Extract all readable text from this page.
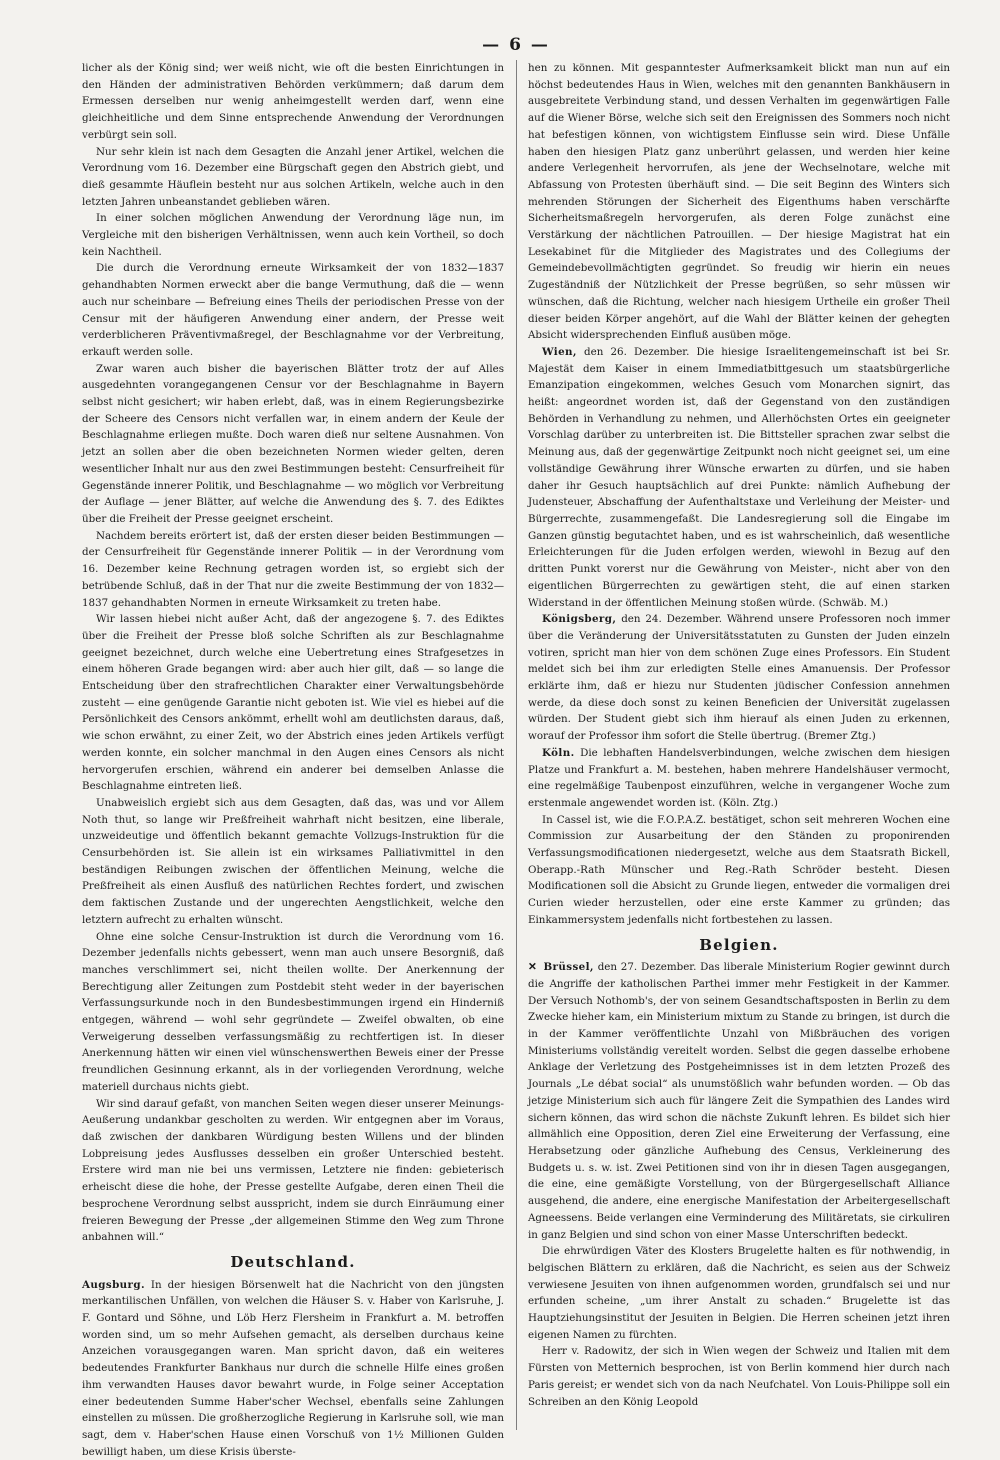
— 6 —

licher als der König sind; wer weiß nicht, wie oft die besten Einrichtungen in den Händen der administrativen Behörden verkümmern; daß darum dem Ermessen derselben nur wenig anheimgestellt werden darf, wenn eine gleichheitliche und dem Sinne entsprechende Anwendung der Verordnungen verbürgt sein soll.

Nur sehr klein ist nach dem Gesagten die Anzahl jener Artikel, welchen die Verordnung vom 16. Dezember eine Bürgschaft gegen den Abstrich giebt, und dieß gesammte Häuflein besteht nur aus solchen Artikeln, welche auch in den letzten Jahren unbeanstandet geblieben wären.

In einer solchen möglichen Anwendung der Verordnung läge nun, im Vergleiche mit den bisherigen Verhältnissen, wenn auch kein Vortheil, so doch kein Nachtheil.

Die durch die Verordnung erneute Wirksamkeit der von 1832—1837 gehandhabten Normen erweckt aber die bange Vermuthung, daß die — wenn auch nur scheinbare — Befreiung eines Theils der periodischen Presse von der Censur mit der häufigeren Anwendung einer andern, der Presse weit verderblicheren Präventivmaßregel, der Beschlagnahme vor der Verbreitung, erkauft werden solle.

Zwar waren auch bisher die bayerischen Blätter trotz der auf Alles ausgedehnten vorangegangenen Censur vor der Beschlagnahme in Bayern selbst nicht gesichert; wir haben erlebt, daß, was in einem Regierungsbezirke der Scheere des Censors nicht verfallen war, in einem andern der Keule der Beschlagnahme erliegen mußte. Doch waren dieß nur seltene Ausnahmen. Von jetzt an sollen aber die oben bezeichneten Normen wieder gelten, deren wesentlicher Inhalt nur aus den zwei Bestimmungen besteht: Censurfreiheit für Gegenstände innerer Politik, und Beschlagnahme — wo möglich vor Verbreitung der Auflage — jener Blätter, auf welche die Anwendung des §. 7. des Ediktes über die Freiheit der Presse geeignet erscheint.

Nachdem bereits erörtert ist, daß der ersten dieser beiden Bestimmungen — der Censurfreiheit für Gegenstände innerer Politik — in der Verordnung vom 16. Dezember keine Rechnung getragen worden ist, so ergiebt sich der betrübende Schluß, daß in der That nur die zweite Bestimmung der von 1832—1837 gehandhabten Normen in erneute Wirksamkeit zu treten habe.

Wir lassen hiebei nicht außer Acht, daß der angezogene §. 7. des Ediktes über die Freiheit der Presse bloß solche Schriften als zur Beschlagnahme geeignet bezeichnet, durch welche eine Uebertretung eines Strafgesetzes in einem höheren Grade begangen wird: aber auch hier gilt, daß — so lange die Entscheidung über den strafrechtlichen Charakter einer Verwaltungsbehörde zusteht — eine genügende Garantie nicht geboten ist. Wie viel es hiebei auf die Persönlichkeit des Censors ankömmt, erhellt wohl am deutlichsten daraus, daß, wie schon erwähnt, zu einer Zeit, wo der Abstrich eines jeden Artikels verfügt werden konnte, ein solcher manchmal in den Augen eines Censors als nicht hervorgerufen erschien, während ein anderer bei demselben Anlasse die Beschlagnahme eintreten ließ.

Unabweislich ergiebt sich aus dem Gesagten, daß das, was und vor Allem Noth thut, so lange wir Preßfreiheit wahrhaft nicht besitzen, eine liberale, unzweideutige und öffentlich bekannt gemachte Vollzugs-Instruktion für die Censurbehörden ist. Sie allein ist ein wirksames Palliativmittel in den beständigen Reibungen zwischen der öffentlichen Meinung, welche die Preßfreiheit als einen Ausfluß des natürlichen Rechtes fordert, und zwischen dem faktischen Zustande und der ungerechten Aengstlichkeit, welche den letztern aufrecht zu erhalten wünscht.

Ohne eine solche Censur-Instruktion ist durch die Verordnung vom 16. Dezember jedenfalls nichts gebessert, wenn man auch unsere Besorgniß, daß manches verschlimmert sei, nicht theilen wollte. Der Anerkennung der Berechtigung aller Zeitungen zum Postdebit steht weder in der bayerischen Verfassungsurkunde noch in den Bundesbestimmungen irgend ein Hinderniß entgegen, während — wohl sehr gegründete — Zweifel obwalten, ob eine Verweigerung desselben verfassungsmäßig zu rechtfertigen ist. In dieser Anerkennung hätten wir einen viel wünschenswerthen Beweis einer der Presse freundlichen Gesinnung erkannt, als in der vorliegenden Verordnung, welche materiell durchaus nichts giebt.

Wir sind darauf gefaßt, von manchen Seiten wegen dieser unserer Meinungs-Aeußerung undankbar gescholten zu werden. Wir entgegnen aber im Voraus, daß zwischen der dankbaren Würdigung besten Willens und der blinden Lobpreisung jedes Ausflusses desselben ein großer Unterschied besteht. Erstere wird man nie bei uns vermissen, Letztere nie finden: gebieterisch erheischt diese die hohe, der Presse gestellte Aufgabe, deren einen Theil die besprochene Verordnung selbst ausspricht, indem sie durch Einräumung einer freieren Bewegung der Presse „der allgemeinen Stimme den Weg zum Throne anbahnen will.“

Deutschland.

Augsburg. In der hiesigen Börsenwelt hat die Nachricht von den jüngsten merkantilischen Unfällen, von welchen die Häuser S. v. Haber von Karlsruhe, J. F. Gontard und Söhne, und Löb Herz Flersheim in Frankfurt a. M. betroffen worden sind, um so mehr Aufsehen gemacht, als derselben durchaus keine Anzeichen vorausgegangen waren. Man spricht davon, daß ein weiteres bedeutendes Frankfurter Bankhaus nur durch die schnelle Hilfe eines großen ihm verwandten Hauses davor bewahrt wurde, in Folge seiner Acceptation einer bedeutenden Summe Haber'scher Wechsel, ebenfalls seine Zahlungen einstellen zu müssen. Die großherzogliche Regierung in Karlsruhe soll, wie man sagt, dem v. Haber'schen Hause einen Vorschuß von 1½ Millionen Gulden bewilligt haben, um diese Krisis überste-

hen zu können. Mit gespanntester Aufmerksamkeit blickt man nun auf ein höchst bedeutendes Haus in Wien, welches mit den genannten Bankhäusern in ausgebreitete Verbindung stand, und dessen Verhalten im gegenwärtigen Falle auf die Wiener Börse, welche sich seit den Ereignissen des Sommers noch nicht hat befestigen können, von wichtigstem Einflusse sein wird. Diese Unfälle haben den hiesigen Platz ganz unberührt gelassen, und werden hier keine andere Verlegenheit hervorrufen, als jene der Wechselnotare, welche mit Abfassung von Protesten überhäuft sind. — Die seit Beginn des Winters sich mehrenden Störungen der Sicherheit des Eigenthums haben verschärfte Sicherheitsmaßregeln hervorgerufen, als deren Folge zunächst eine Verstärkung der nächtlichen Patrouillen. — Der hiesige Magistrat hat ein Lesekabinet für die Mitglieder des Magistrates und des Collegiums der Gemeindebevollmächtigten gegründet. So freudig wir hierin ein neues Zugeständniß der Nützlichkeit der Presse begrüßen, so sehr müssen wir wünschen, daß die Richtung, welcher nach hiesigem Urtheile ein großer Theil dieser beiden Körper angehört, auf die Wahl der Blätter keinen der gehegten Absicht widersprechenden Einfluß ausüben möge.

Wien, den 26. Dezember. Die hiesige Israelitengemeinschaft ist bei Sr. Majestät dem Kaiser in einem Immediatbittgesuch um staatsbürgerliche Emanzipation eingekommen, welches Gesuch vom Monarchen signirt, das heißt: angeordnet worden ist, daß der Gegenstand von den zuständigen Behörden in Verhandlung zu nehmen, und Allerhöchsten Ortes ein geeigneter Vorschlag darüber zu unterbreiten ist. Die Bittsteller sprachen zwar selbst die Meinung aus, daß der gegenwärtige Zeitpunkt noch nicht geeignet sei, um eine vollständige Gewährung ihrer Wünsche erwarten zu dürfen, und sie haben daher ihr Gesuch hauptsächlich auf drei Punkte: nämlich Aufhebung der Judensteuer, Abschaffung der Aufenthaltstaxe und Verleihung der Meister- und Bürgerrechte, zusammengefaßt. Die Landesregierung soll die Eingabe im Ganzen günstig begutachtet haben, und es ist wahrscheinlich, daß wesentliche Erleichterungen für die Juden erfolgen werden, wiewohl in Bezug auf den dritten Punkt vorerst nur die Gewährung von Meister-, nicht aber von den eigentlichen Bürgerrechten zu gewärtigen steht, die auf einen starken Widerstand in der öffentlichen Meinung stoßen würde. (Schwäb. M.)

Königsberg, den 24. Dezember. Während unsere Professoren noch immer über die Veränderung der Universitätsstatuten zu Gunsten der Juden einzeln votiren, spricht man hier von dem schönen Zuge eines Professors. Ein Student meldet sich bei ihm zur erledigten Stelle eines Amanuensis. Der Professor erklärte ihm, daß er hiezu nur Studenten jüdischer Confession annehmen werde, da diese doch sonst zu keinen Beneficien der Universität zugelassen würden. Der Student giebt sich ihm hierauf als einen Juden zu erkennen, worauf der Professor ihm sofort die Stelle übertrug. (Bremer Ztg.)

Köln. Die lebhaften Handelsverbindungen, welche zwischen dem hiesigen Platze und Frankfurt a. M. bestehen, haben mehrere Handelshäuser vermocht, eine regelmäßige Taubenpost einzuführen, welche in vergangener Woche zum erstenmale angewendet worden ist. (Köln. Ztg.)

In Cassel ist, wie die F.O.P.A.Z. bestätiget, schon seit mehreren Wochen eine Commission zur Ausarbeitung der den Ständen zu proponirenden Verfassungsmodificationen niedergesetzt, welche aus dem Staatsrath Bickell, Oberapp.-Rath Münscher und Reg.-Rath Schröder besteht. Diesen Modificationen soll die Absicht zu Grunde liegen, entweder die vormaligen drei Curien wieder herzustellen, oder eine erste Kammer zu gründen; das Einkammersystem jedenfalls nicht fortbestehen zu lassen.

Belgien.

✕ Brüssel, den 27. Dezember. Das liberale Ministerium Rogier gewinnt durch die Angriffe der katholischen Parthei immer mehr Festigkeit in der Kammer. Der Versuch Nothomb's, der von seinem Gesandtschaftsposten in Berlin zu dem Zwecke hieher kam, ein Ministerium mixtum zu Stande zu bringen, ist durch die in der Kammer veröffentlichte Unzahl von Mißbräuchen des vorigen Ministeriums vollständig vereitelt worden. Selbst die gegen dasselbe erhobene Anklage der Verletzung des Postgeheimnisses ist in dem letzten Prozeß des Journals „Le débat social“ als unumstößlich wahr befunden worden. — Ob das jetzige Ministerium sich auch für längere Zeit die Sympathien des Landes wird sichern können, das wird schon die nächste Zukunft lehren. Es bildet sich hier allmählich eine Opposition, deren Ziel eine Erweiterung der Verfassung, eine Herabsetzung oder gänzliche Aufhebung des Census, Verkleinerung des Budgets u. s. w. ist. Zwei Petitionen sind von ihr in diesen Tagen ausgegangen, die eine, eine gemäßigte Vorstellung, von der Bürgergesellschaft Alliance ausgehend, die andere, eine energische Manifestation der Arbeitergesellschaft Agneessens. Beide verlangen eine Verminderung des Militäretats, sie cirkuliren in ganz Belgien und sind schon von einer Masse Unterschriften bedeckt.

Die ehrwürdigen Väter des Klosters Brugelette halten es für nothwendig, in belgischen Blättern zu erklären, daß die Nachricht, es seien aus der Schweiz verwiesene Jesuiten von ihnen aufgenommen worden, grundfalsch sei und nur erfunden scheine, „um ihrer Anstalt zu schaden.“ Brugelette ist das Hauptziehungsinstitut der Jesuiten in Belgien. Die Herren scheinen jetzt ihren eigenen Namen zu fürchten.

Herr v. Radowitz, der sich in Wien wegen der Schweiz und Italien mit dem Fürsten von Metternich besprochen, ist von Berlin kommend hier durch nach Paris gereist; er wendet sich von da nach Neufchatel. Von Louis-Philippe soll ein Schreiben an den König Leopold
